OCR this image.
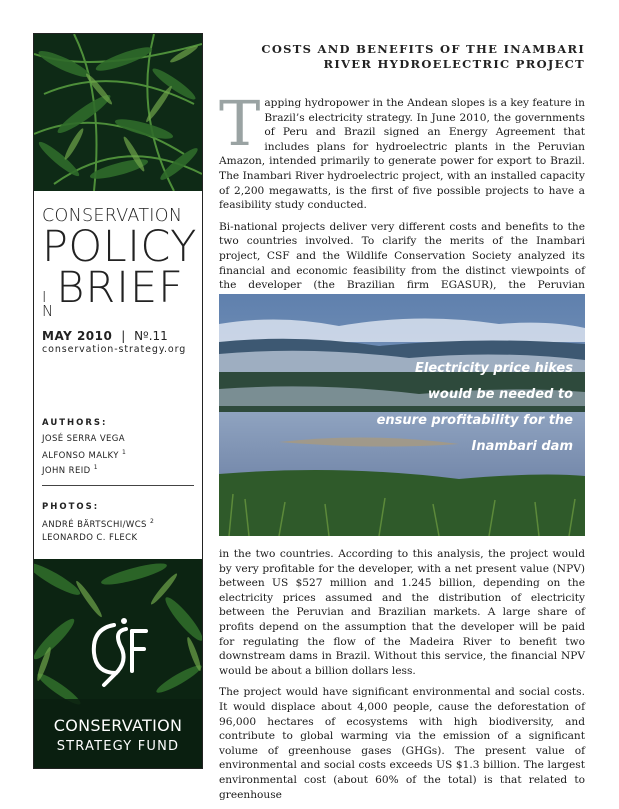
CONSERVATION
POLICY
I
N BRIEF
MAY 2010 | Nº.11
conservation-strategy.org
AUTHORS:
JOSÉ SERRA VEGA
ALFONSO MALKY $^1$
JOHN REID $^1$
PHOTOS:
ANDRÉ BÄRTSCHI/WCS $^2$
LEONARDO C. FLECK
CONSERVATION
STRATEGY FUND
COSTS AND BENEFITS OF THE INAMBARI
RIVER HYDROELECTRIC PROJECT

Tapping hydropower in the Andean slopes is a key feature in Brazil’s electricity strategy. In June 2010, the governments of Peru and Brazil signed an Energy Agreement that includes plans for hydroelectric plants in the Peruvian Amazon, intended primarily to generate power for export to Brazil. The Inambari River hydroelectric project, with an installed capacity of 2,200 megawatts, is the first of five possible projects to have a feasibility study conducted.

Bi-national projects deliver very different costs and benefits to the two countries involved. To clarify the merits of the Inambari project, CSF and the Wildlife Conservation Society analyzed its financial and economic feasibility from the distinct viewpoints of the developer (the Brazilian firm EGASUR), the Peruvian

Electricity price hikes
would be needed to
ensure profitability for the
Inambari dam

in the two countries. According to this analysis, the project would by very profitable for the developer, with a net present value (NPV) between US $527 million and 1.245 billion, depending on the electricity prices assumed and the distribution of electricity between the Peruvian and Brazilian markets. A large share of profits depend on the assumption that the developer will be paid for regulating the flow of the Madeira River to benefit two downstream dams in Brazil. Without this service, the financial NPV would be about a billion dollars less.

The project would have significant environmental and social costs. It would displace about 4,000 people, cause the deforestation of 96,000 hectares of ecosystems with high biodiversity, and contribute to global warming via the emission of a significant volume of greenhouse gases (GHGs). The present value of environmental and social costs exceeds US $1.3 billion. The largest environmental cost (about 60% of the total) is that related to greenhouse
